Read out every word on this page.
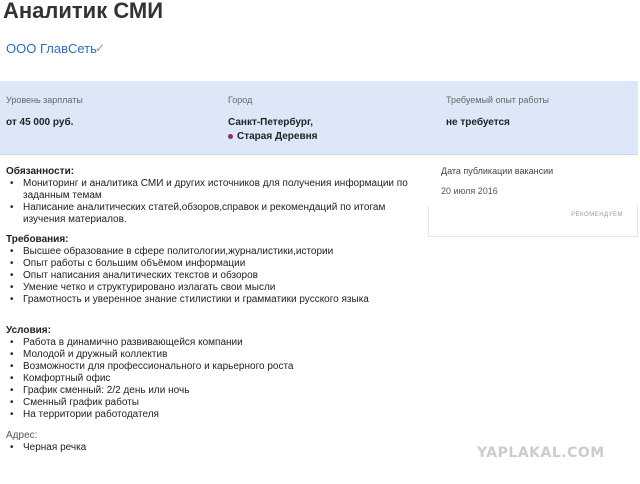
Аналитик СМИ
ООО ГлавСеть
✓
Уровень зарплаты
от 45 000 руб.
Город
Санкт-Петербург,
Старая Деревня
Требуемый опыт работы
не требуется

Обязанности:

• Мониторинг и аналитика СМИ и других источников для получения информации по заданным темам
• Написание аналитических статей,обзоров,справок и рекомендаций по итогам изучения материалов.

Требования:

• Высшее образование в сфере политологии,журналистики,истории
• Опыт работы с большим объёмом информации
• Опыт написания аналитических текстов и обзоров
• Умение четко и структурировано излагать свои мысли
• Грамотность и уверенное знание стилистики и грамматики русского языка

Условия:

• Работа в динамично развивающейся компании
• Молодой и дружный коллектив
• Возможности для профессионального и карьерного роста
• Комфортный офис
• График сменный: 2/2 день или ночь
• Сменный график работы
• На территории работодателя

Адрес:

• Черная речка
Дата публикации вакансии
20 июля 2016
РЕКОМЕНДУЕМ
YAPLAKAL.COM
